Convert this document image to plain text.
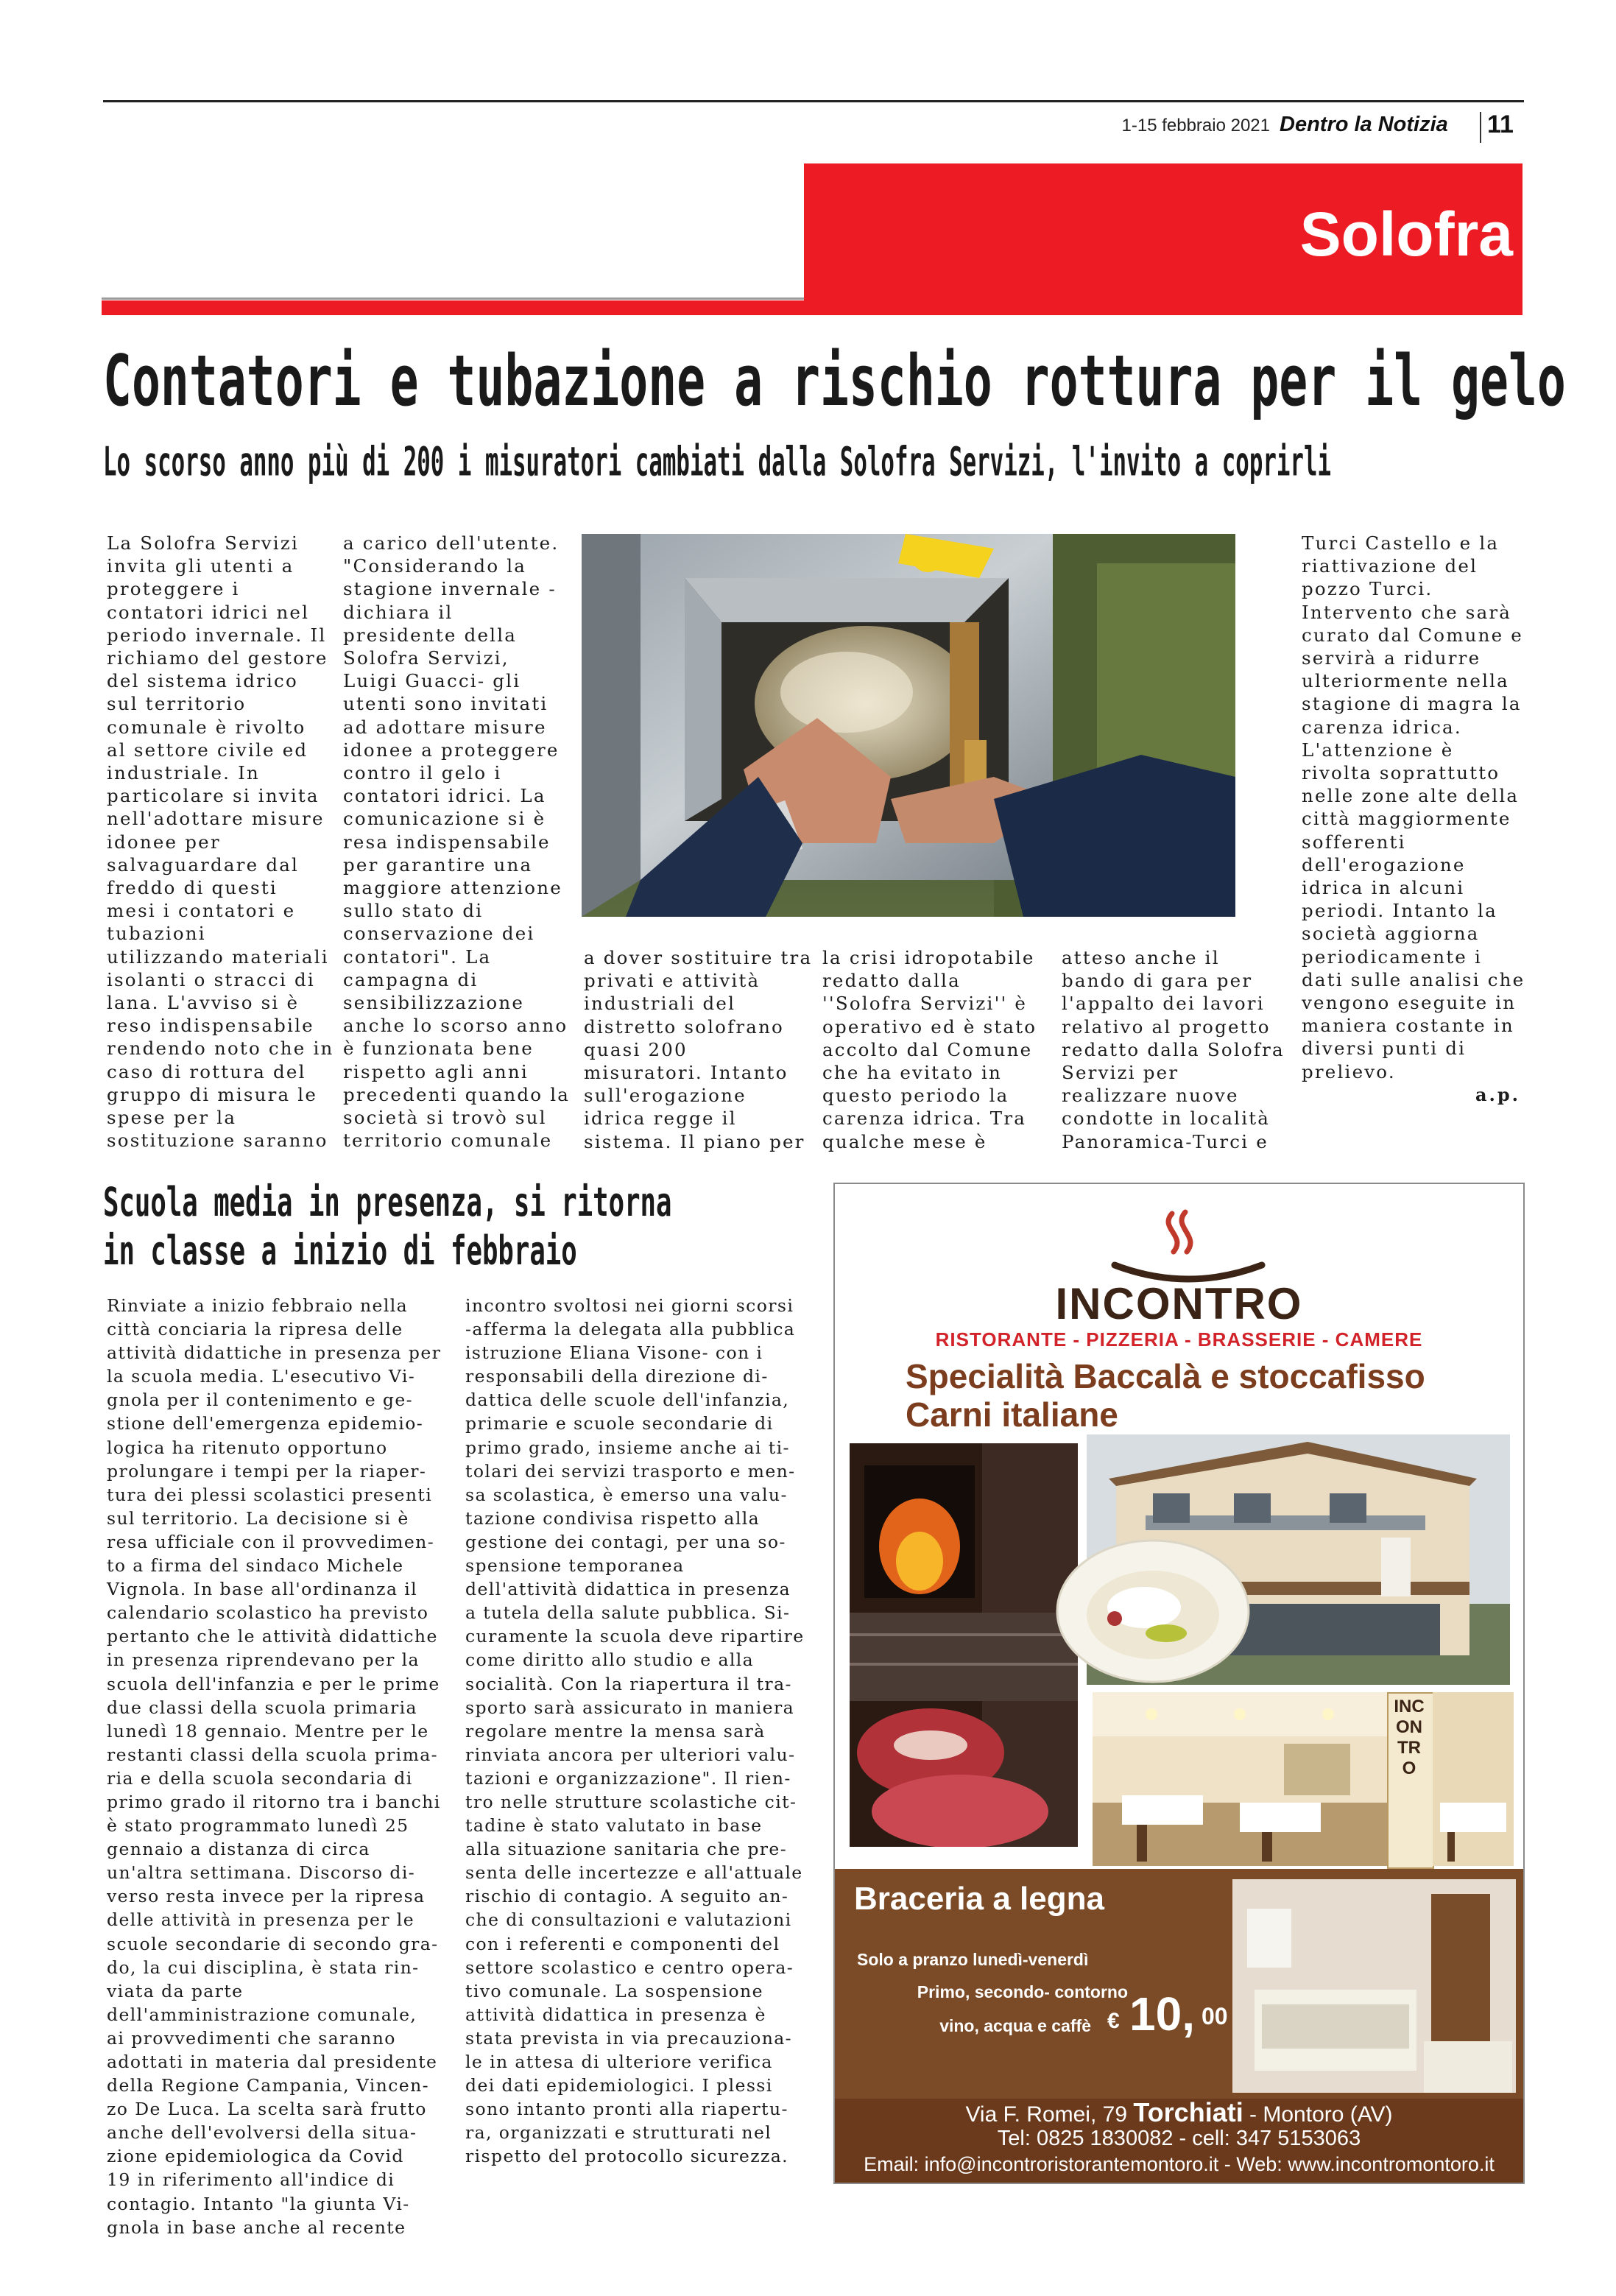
1-15 febbraio 2021 Dentro la Notizia 11
Solofra
Contatori e tubazione a rischio rottura per il gelo
Lo scorso anno più di 200 i misuratori cambiati dalla Solofra Servizi, l'invito a coprirli
La Solofra Servizi
invita gli utenti a
proteggere i
contatori idrici nel
periodo invernale. Il
richiamo del gestore
del sistema idrico
sul territorio
comunale è rivolto
al settore civile ed
industriale. In
particolare si invita
nell'adottare misure
idonee per
salvaguardare dal
freddo di questi
mesi i contatori e
tubazioni
utilizzando materiali
isolanti o stracci di
lana. L'avviso si è
reso indispensabile
rendendo noto che in
caso di rottura del
gruppo di misura le
spese per la
sostituzione saranno
a carico dell'utente.
"Considerando la
stagione invernale -
dichiara il
presidente della
Solofra Servizi,
Luigi Guacci- gli
utenti sono invitati
ad adottare misure
idonee a proteggere
contro il gelo i
contatori idrici. La
comunicazione si è
resa indispensabile
per garantire una
maggiore attenzione
sullo stato di
conservazione dei
contatori". La
campagna di
sensibilizzazione
anche lo scorso anno
è funzionata bene
rispetto agli anni
precedenti quando la
società si trovò sul
territorio comunale
a dover sostituire tra
privati e attività
industriali del
distretto solofrano
quasi 200
misuratori. Intanto
sull'erogazione
idrica regge il
sistema. Il piano per
la crisi idropotabile
redatto dalla
''Solofra Servizi'' è
operativo ed è stato
accolto dal Comune
che ha evitato in
questo periodo la
carenza idrica. Tra
qualche mese è
atteso anche il
bando di gara per
l'appalto dei lavori
relativo al progetto
redatto dalla Solofra
Servizi per
realizzare nuove
condotte in località
Panoramica-Turci e
Turci Castello e la
riattivazione del
pozzo Turci.
Intervento che sarà
curato dal Comune e
servirà a ridurre
ulteriormente nella
stagione di magra la
carenza idrica.
L'attenzione è
rivolta soprattutto
nelle zone alte della
città maggiormente
sofferenti
dell'erogazione
idrica in alcuni
periodi. Intanto la
società aggiorna
periodicamente i
dati sulle analisi che
vengono eseguite in
maniera costante in
diversi punti di
prelievo.
a.p.
Scuola media in presenza, si ritorna
in classe a inizio di febbraio
Rinviate a inizio febbraio nella
città conciaria la ripresa delle
attività didattiche in presenza per
la scuola media. L'esecutivo Vi-
gnola per il contenimento e ge-
stione dell'emergenza epidemio-
logica ha ritenuto opportuno
prolungare i tempi per la riaper-
tura dei plessi scolastici presenti
sul territorio. La decisione si è
resa ufficiale con il provvedimen-
to a firma del sindaco Michele
Vignola. In base all'ordinanza il
calendario scolastico ha previsto
pertanto che le attività didattiche
in presenza riprendevano per la
scuola dell'infanzia e per le prime
due classi della scuola primaria
lunedì 18 gennaio. Mentre per le
restanti classi della scuola prima-
ria e della scuola secondaria di
primo grado il ritorno tra i banchi
è stato programmato lunedì 25
gennaio a distanza di circa
un'altra settimana. Discorso di-
verso resta invece per la ripresa
delle attività in presenza per le
scuole secondarie di secondo gra-
do, la cui disciplina, è stata rin-
viata da parte
dell'amministrazione comunale,
ai provvedimenti che saranno
adottati in materia dal presidente
della Regione Campania, Vincen-
zo De Luca. La scelta sarà frutto
anche dell'evolversi della situa-
zione epidemiologica da Covid
19 in riferimento all'indice di
contagio. Intanto "la giunta Vi-
gnola in base anche al recente
incontro svoltosi nei giorni scorsi
-afferma la delegata alla pubblica
istruzione Eliana Visone- con i
responsabili della direzione di-
dattica delle scuole dell'infanzia,
primarie e scuole secondarie di
primo grado, insieme anche ai ti-
tolari dei servizi trasporto e men-
sa scolastica, è emerso una valu-
tazione condivisa rispetto alla
gestione dei contagi, per una so-
spensione temporanea
dell'attività didattica in presenza
a tutela della salute pubblica. Si-
curamente la scuola deve ripartire
come diritto allo studio e alla
socialità. Con la riapertura il tra-
sporto sarà assicurato in maniera
regolare mentre la mensa sarà
rinviata ancora per ulteriori valu-
tazioni e organizzazione". Il rien-
tro nelle strutture scolastiche cit-
tadine è stato valutato in base
alla situazione sanitaria che pre-
senta delle incertezze e all'attuale
rischio di contagio. A seguito an-
che di consultazioni e valutazioni
con i referenti e componenti del
settore scolastico e centro opera-
tivo comunale. La sospensione
attività didattica in presenza è
stata prevista in via precauziona-
le in attesa di ulteriore verifica
dei dati epidemiologici. I plessi
sono intanto pronti alla riapertu-
ra, organizzati e strutturati nel
rispetto del protocollo sicurezza.
INCONTRO
RISTORANTE - PIZZERIA - BRASSERIE - CAMERE
Specialità Baccalà e stoccafisso
Carni italiane
INCONTRO
Braceria a legna
Solo a pranzo lunedì-venerdì
Primo, secondo- contorno
vino, acqua e caffè € 10, 00
Via F. Romei, 79 Torchiati - Montoro (AV)
Tel: 0825 1830082 - cell: 347 5153063
Email: info@incontroristorantemontoro.it - Web: www.incontromontoro.it
